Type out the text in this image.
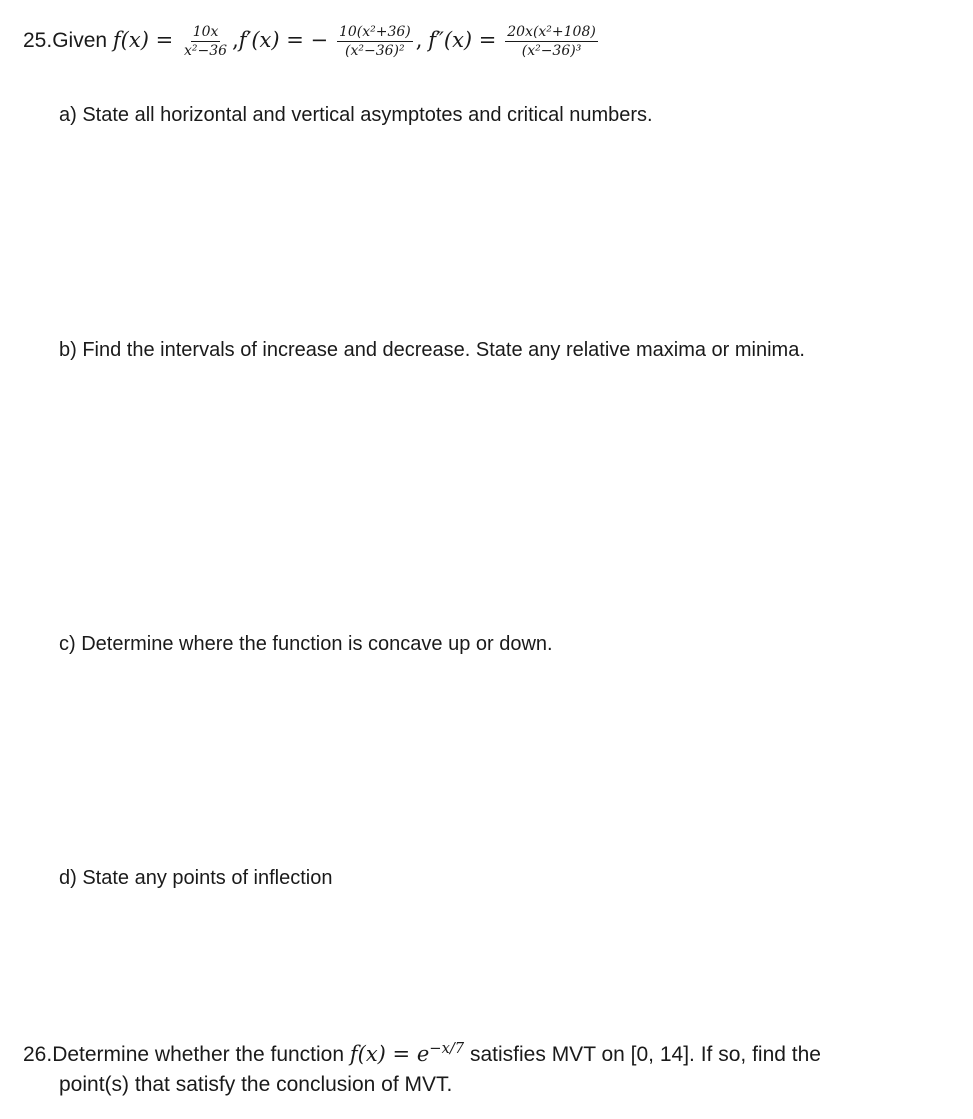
25.Given $f(x) = \frac{10x}{\text{x²−36}} ,f'(x)$ = − $\frac{\text{10(x²+36)}}{\text{(x²−36)²}}$ , $f''(x) = \frac{\text{20x(x²+108)}}{\text{(x²−36)³}}$
a) State all horizontal and vertical asymptotes and critical numbers.
b) Find the intervals of increase and decrease. State any relative maxima or minima.
c) Determine where the function is concave up or down.
d) State any points of inflection
26.Determine whether the function $f(x) = e^{-x/7}$ satisfies MVT on [0, 14]. If so, find the
point(s) that satisfy the conclusion of MVT.
